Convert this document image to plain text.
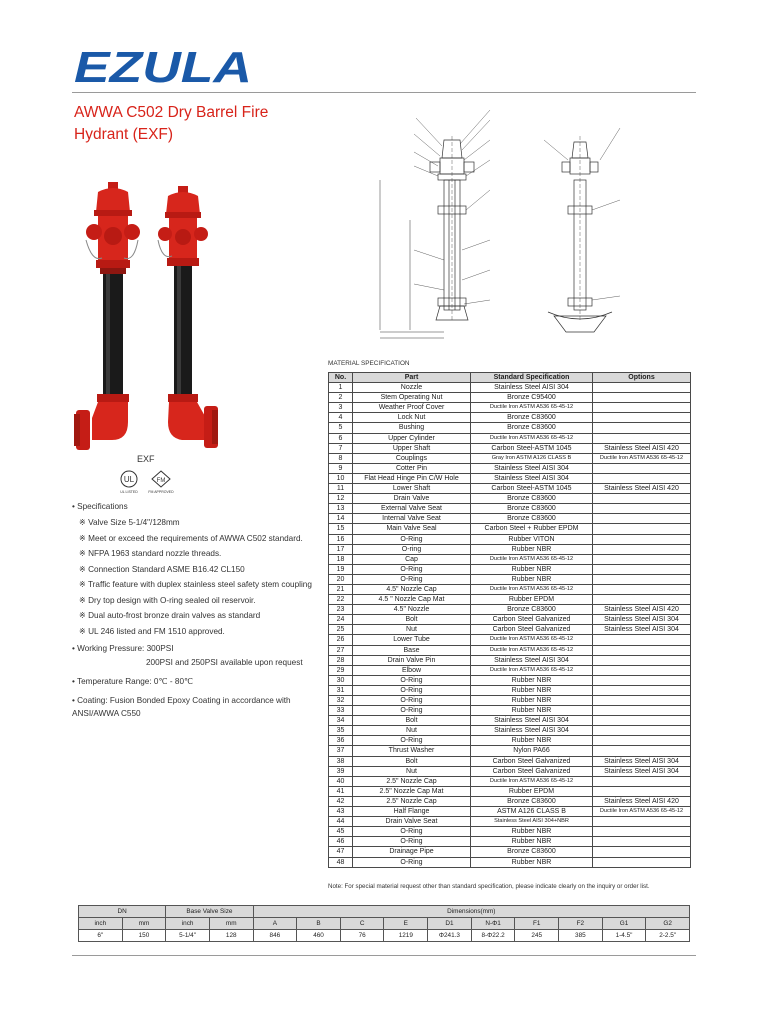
EZULA
AWWA C502 Dry Barrel Fire
Hydrant (EXF)
EXF
UL
UL LISTED
FM
FM APPROVED
• Specifications
※ Valve Size 5-1/4"/128mm
※ Meet or exceed the requirements of AWWA C502 standard.
※ NFPA 1963 standard nozzle threads.
※ Connection Standard ASME B16.42 CL150
※ Traffic feature with duplex stainless steel safety stem coupling
※ Dry top design with O-ring sealed oil reservoir.
※ Dual auto-frost bronze drain valves as standard
※ UL 246 listed and FM 1510 approved.
• Working Pressure: 300PSI
200PSI and 250PSI available upon request
• Temperature Range: 0℃ - 80℃
• Coating: Fusion Bonded Epoxy Coating in accordance with
ANSI/AWWA C550
MATERIAL SPECIFICATION
No.	Part	Standard Specification	Options
1	Nozzle	Stainless Steel AISI 304	
2	Stem Operating Nut	Bronze C95400	
3	Weather Proof Cover	Ductile Iron ASTM A536 65-45-12	
4	Lock Nut	Bronze C83600	
5	Bushing	Bronze C83600	
6	Upper Cylinder	Ductile Iron ASTM A536 65-45-12	
7	Upper Shaft	Carbon Steel-ASTM 1045	Stainless Steel AISI 420
8	Couplings	Gray Iron ASTM A126 CLASS B	Ductile Iron ASTM A536 65-45-12
9	Cotter Pin	Stainless Steel AISI 304	
10	Flat Head Hinge Pin C/W Hole	Stainless Steel AISI 304	
11	Lower Shaft	Carbon Steel-ASTM 1045	Stainless Steel AISI 420
12	Drain Valve	Bronze C83600	
13	External Valve Seat	Bronze C83600	
14	Internal Valve Seat	Bronze C83600	
15	Main Valve Seal	Carbon Steel + Rubber EPDM	
16	O-Ring	Rubber VITON	
17	O-ring	Rubber NBR	
18	Cap	Ductile Iron ASTM A536 65-45-12	
19	O-Ring	Rubber NBR	
20	O-Ring	Rubber NBR	
21	4.5" Nozzle Cap	Ductile Iron ASTM A536 65-45-12	
22	4.5 " Nozzle Cap Mat	Rubber EPDM	
23	4.5" Nozzle	Bronze C83600	Stainless Steel AISI 420
24	Bolt	Carbon Steel Galvanized	Stainless Steel AISI 304
25	Nut	Carbon Steel Galvanized	Stainless Steel AISI 304
26	Lower Tube	Ductile Iron ASTM A536 65-45-12	
27	Base	Ductile Iron ASTM A536 65-45-12	
28	Drain Valve Pin	Stainless Steel AISI 304	
29	Elbow	Ductile Iron ASTM A536 65-45-12	
30	O-Ring	Rubber NBR	
31	O-Ring	Rubber NBR	
32	O-Ring	Rubber NBR	
33	O-Ring	Rubber NBR	
34	Bolt	Stainless Steel AISI 304	
35	Nut	Stainless Steel AISI 304	
36	O-Ring	Rubber NBR	
37	Thrust Washer	Nylon PA66	
38	Bolt	Carbon Steel Galvanized	Stainless Steel AISI 304
39	Nut	Carbon Steel Galvanized	Stainless Steel AISI 304
40	2.5" Nozzle Cap	Ductile Iron ASTM A536 65-45-12	
41	2.5" Nozzle Cap Mat	Rubber EPDM	
42	2.5" Nozzle Cap	Bronze C83600	Stainless Steel AISI 420
43	Half Flange	ASTM A126 CLASS B	Ductile Iron ASTM A536 65-45-12
44	Drain Valve Seat	Stainless Steel AISI 304+NBR	
45	O-Ring	Rubber NBR	
46	O-Ring	Rubber NBR	
47	Drainage Pipe	Bronze C83600	
48	O-Ring	Rubber NBR	
Note: For special material request other than standard specification, please indicate clearly on the inquiry or order list.
DN		Base Valve Size		Dimensions(mm)									
inch	mm	inch	mm	A	B	C	E	D1	N-Φ1	F1	F2	G1	G2
6"	150	5-1/4"	128	846	460	76	1219	Φ241.3	8-Φ22.2	245	385	1-4.5"	2-2.5"
